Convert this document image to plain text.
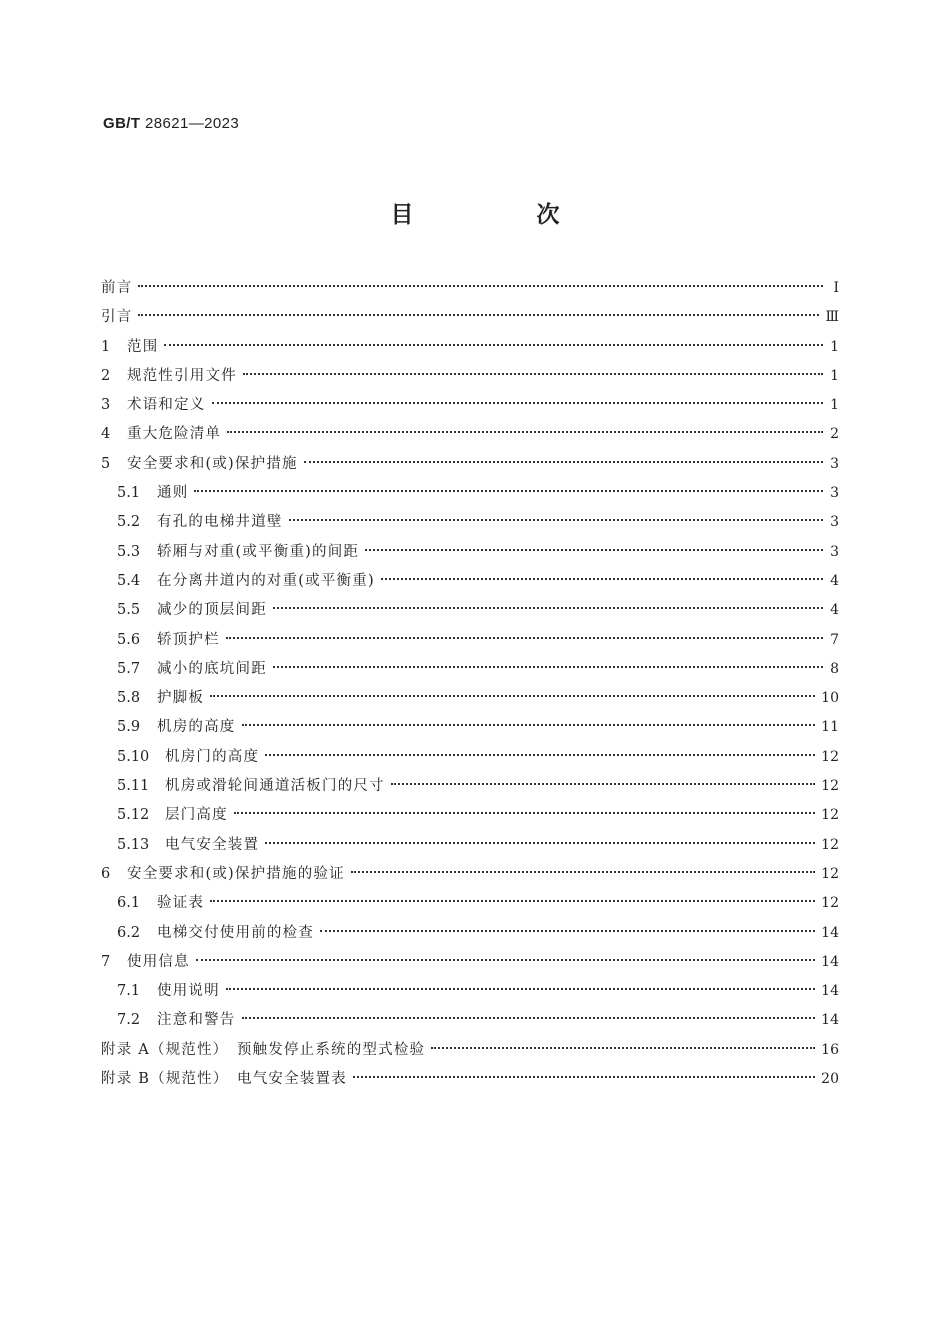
GB/T 28621—2023
目　次
前言	Ⅰ
引言	Ⅲ
1	范围	1
2	规范性引用文件	1
3	术语和定义	1
4	重大危险清单	2
5	安全要求和(或)保护措施	3
5.1	通则	3
5.2	有孔的电梯井道壁	3
5.3	轿厢与对重(或平衡重)的间距	3
5.4	在分离井道内的对重(或平衡重)	4
5.5	减少的顶层间距	4
5.6	轿顶护栏	7
5.7	减小的底坑间距	8
5.8	护脚板	10
5.9	机房的高度	11
5.10	机房门的高度	12
5.11	机房或滑轮间通道活板门的尺寸	12
5.12	层门高度	12
5.13	电气安全装置	12
6	安全要求和(或)保护措施的验证	12
6.1	验证表	12
6.2	电梯交付使用前的检查	14
7	使用信息	14
7.1	使用说明	14
7.2	注意和警告	14
附录 A（规范性）　预触发停止系统的型式检验	16
附录 B（规范性）　电气安全装置表	20
